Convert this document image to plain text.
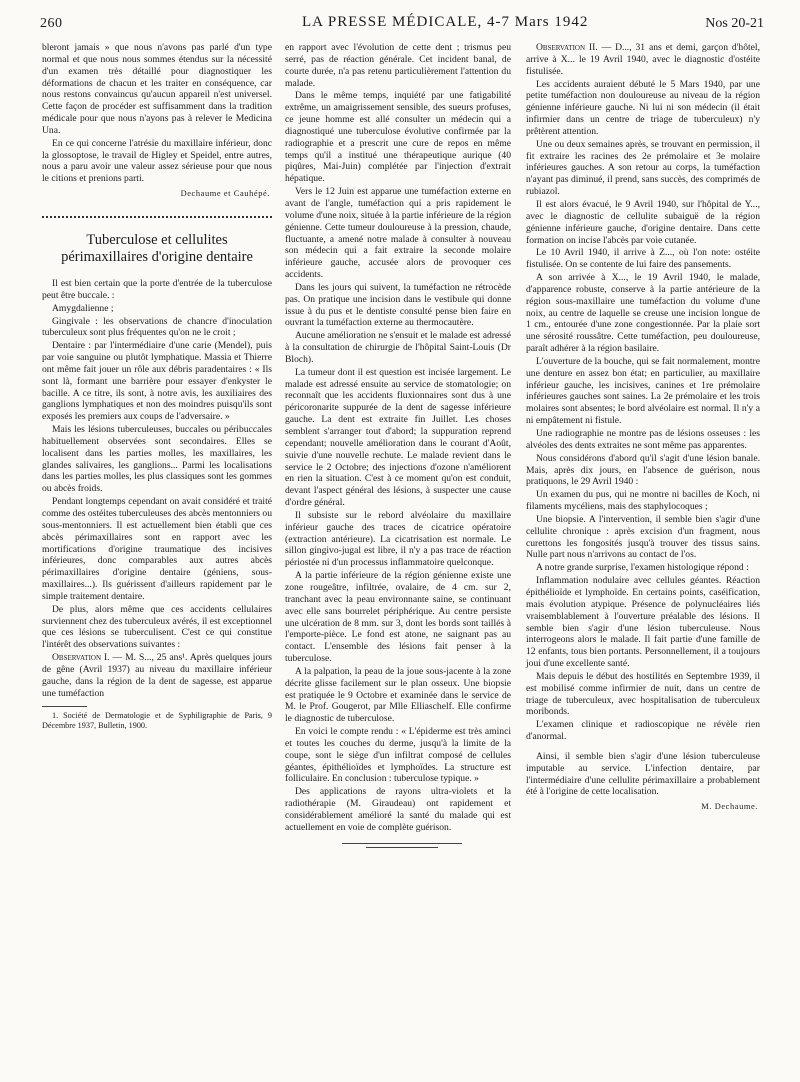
260	LA PRESSE MÉDICALE, 4-7 Mars 1942	Nos 20-21

bleront jamais » que nous n'avons pas parlé d'un type normal et que nous nous sommes étendus sur la nécessité d'un examen très détaillé pour diagnostiquer les déformations de chacun et les traiter en conséquence, car nous restons convaincus qu'aucun appareil n'est universel. Cette façon de procéder est suffisamment dans la tradition médicale pour que nous n'ayons pas à relever le Medicina Una.

En ce qui concerne l'atrésie du maxillaire inférieur, donc la glossoptose, le travail de Higley et Speidel, entre autres, nous a paru avoir une valeur assez sérieuse pour que nous le citions et prenions parti.

Dechaume et Cauhépé.
Tuberculose et cellulites
périmaxillaires d'origine dentaire

Il est bien certain que la porte d'entrée de la tuberculose peut être buccale. :

Amygdalienne ;

Gingivale : les observations de chancre d'inoculation tuberculeux sont plus fréquentes qu'on ne le croit ;

Dentaire : par l'intermédiaire d'une carie (Mendel), puis par voie sanguine ou plutôt lymphatique. Massia et Thierre ont même fait jouer un rôle aux débris paradentaires : « Ils sont là, formant une barrière pour essayer d'enkyster le bacille. A ce titre, ils sont, à notre avis, les auxiliaires des ganglions lymphatiques et non des moindres puisqu'ils sont exposés les premiers aux coups de l'adversaire. »

Mais les lésions tuberculeuses, buccales ou péribuccales habituellement observées sont secondaires. Elles se localisent dans les parties molles, les maxillaires, les glandes salivaires, les ganglions... Parmi les localisations dans les parties molles, les plus classiques sont les gommes ou abcès froids.

Pendant longtemps cependant on avait considéré et traité comme des ostéites tuberculeuses des abcès mentonniers ou sous-mentonniers. Il est actuellement bien établi que ces abcès périmaxillaires sont en rapport avec les mortifications d'origine traumatique des incisives inférieures, donc comparables aux autres abcès périmaxillaires d'origine dentaire (géniens, sous-maxillaires...). Ils guérissent d'ailleurs rapidement par le simple traitement dentaire.

De plus, alors même que ces accidents cellulaires surviennent chez des tuberculeux avérés, il est exceptionnel que ces lésions se tuberculisent. C'est ce qui constitue l'intérêt des observations suivantes :

Observation I. — M. S..., 25 ans¹. Après quelques jours de gêne (Avril 1937) au niveau du maxillaire inférieur gauche, dans la région de la dent de sagesse, est apparue une tuméfaction

1. Société de Dermatologie et de Syphiligraphie de Paris, 9 Décembre 1937, Bulletin, 1900.

en rapport avec l'évolution de cette dent ; trismus peu serré, pas de réaction générale. Cet incident banal, de courte durée, n'a pas retenu particulièrement l'attention du malade.

Dans le même temps, inquiété par une fatigabilité extrême, un amaigrissement sensible, des sueurs profuses, ce jeune homme est allé consulter un médecin qui a diagnostiqué une tuberculose évolutive confirmée par la radiographie et a prescrit une cure de repos en même temps qu'il a institué une thérapeutique aurique (40 piqûres, Mai-Juin) complétée par l'injection d'extrait hépatique.

Vers le 12 Juin est apparue une tuméfaction externe en avant de l'angle, tuméfaction qui a pris rapidement le volume d'une noix, située à la partie inférieure de la région génienne. Cette tumeur douloureuse à la pression, chaude, fluctuante, a amené notre malade à consulter à nouveau son médecin qui a fait extraire la seconde molaire inférieure gauche, accusée alors de provoquer ces accidents.

Dans les jours qui suivent, la tuméfaction ne rétrocède pas. On pratique une incision dans le vestibule qui donne issue à du pus et le dentiste consulté pense bien faire en ouvrant la tuméfaction externe au thermocautère.

Aucune amélioration ne s'ensuit et le malade est adressé à la consultation de chirurgie de l'hôpital Saint-Louis (Dr Bloch).

La tumeur dont il est question est incisée largement. Le malade est adressé ensuite au service de stomatologie; on reconnaît que les accidents fluxionnaires sont dus à une péricoronarite suppurée de la dent de sagesse inférieure gauche. La dent est extraite fin Juillet. Les choses semblent s'arranger tout d'abord; la suppuration reprend cependant; nouvelle amélioration dans le courant d'Août, suivie d'une nouvelle rechute. Le malade revient dans le service le 2 Octobre; des injections d'ozone n'améliorent en rien la situation. C'est à ce moment qu'on est conduit, devant l'aspect général des lésions, à suspecter une cause d'ordre général.

Il subsiste sur le rebord alvéolaire du maxillaire inférieur gauche des traces de cicatrice opératoire (extraction antérieure). La cicatrisation est normale. Le sillon gingivo-jugal est libre, il n'y a pas trace de réaction périostée ni d'un processus inflammatoire quelconque.

A la partie inférieure de la région génienne existe une zone rougeâtre, infiltrée, ovalaire, de 4 cm. sur 2, tranchant avec la peau environnante saine, se continuant avec elle sans bourrelet périphérique. Au centre persiste une ulcération de 8 mm. sur 3, dont les bords sont taillés à l'emporte-pièce. Le fond est atone, ne saignant pas au contact. L'ensemble des lésions fait penser à la tuberculose.

A la palpation, la peau de la joue sous-jacente à la zone décrite glisse facilement sur le plan osseux. Une biopsie est pratiquée le 9 Octobre et examinée dans le service de M. le Prof. Gougerot, par Mlle Elliaschelf. Elle confirme le diagnostic de tuberculose.

En voici le compte rendu : « L'épiderme est très aminci et toutes les couches du derme, jusqu'à la limite de la coupe, sont le siège d'un infiltrat composé de cellules géantes, épithélioïdes et lymphoïdes. La structure est folliculaire. En conclusion : tuberculose typique. »

Des applications de rayons ultra-violets et la radiothérapie (M. Giraudeau) ont rapidement et considérablement amélioré la santé du malade qui est actuellement en voie de complète guérison.

Observation II. — D..., 31 ans et demi, garçon d'hôtel, arrive à X... le 19 Avril 1940, avec le diagnostic d'ostéite fistulisée.

Les accidents auraient débuté le 5 Mars 1940, par une petite tuméfaction non douloureuse au niveau de la région génienne inférieure gauche. Ni lui ni son médecin (il était infirmier dans un centre de triage de tuberculeux) n'y prêtèrent attention.

Une ou deux semaines après, se trouvant en permission, il fit extraire les racines des 2e prémolaire et 3e molaire inférieures gauches. A son retour au corps, la tuméfaction n'ayant pas diminué, il prend, sans succès, des comprimés de rubiazol.

Il est alors évacué, le 9 Avril 1940, sur l'hôpital de Y..., avec le diagnostic de cellulite subaiguë de la région génienne inférieure gauche, d'origine dentaire. Dans cette formation on incise l'abcès par voie cutanée.

Le 10 Avril 1940, il arrive à Z..., où l'on note: ostéite fistulisée. On se contente de lui faire des pansements.

A son arrivée à X..., le 19 Avril 1940, le malade, d'apparence robuste, conserve à la partie antérieure de la région sous-maxillaire une tuméfaction du volume d'une noix, au centre de laquelle se creuse une incision longue de 1 cm., entourée d'une zone congestionnée. Par la plaie sort une sérosité roussâtre. Cette tuméfaction, peu douloureuse, paraît adhérer à la région basilaire.

L'ouverture de la bouche, qui se fait normalement, montre une denture en assez bon état; en particulier, au maxillaire inférieur gauche, les incisives, canines et 1re prémolaire inférieures gauches sont saines. La 2e prémolaire et les trois molaires sont absentes; le bord alvéolaire est normal. Il n'y a ni empâtement ni fistule.

Une radiographie ne montre pas de lésions osseuses : les alvéoles des dents extraites ne sont même pas apparentes.

Nous considérons d'abord qu'il s'agit d'une lésion banale. Mais, après dix jours, en l'absence de guérison, nous pratiquons, le 29 Avril 1940 :

Un examen du pus, qui ne montre ni bacilles de Koch, ni filaments mycéliens, mais des staphylocoques ;

Une biopsie. A l'intervention, il semble bien s'agir d'une cellulite chronique : après excision d'un fragment, nous curettons les fongosités jusqu'à trouver des tissus sains. Nulle part nous n'arrivons au contact de l'os.

A notre grande surprise, l'examen histologique répond :

Inflammation nodulaire avec cellules géantes. Réaction épithélioïde et lymphoïde. En certains points, caséification, mais évolution atypique. Présence de polynucléaires liés vraisemblablement à l'ouverture préalable des lésions. Il semble bien s'agir d'une lésion tuberculeuse. Nous interrogeons alors le malade. Il fait partie d'une famille de 12 enfants, tous bien portants. Personnellement, il a toujours joui d'une excellente santé.

Mais depuis le début des hostilités en Septembre 1939, il est mobilisé comme infirmier de nuit, dans un centre de triage de tuberculeux, avec hospitalisation de tuberculeux moribonds.

L'examen clinique et radioscopique ne révèle rien d'anormal.

Ainsi, il semble bien s'agir d'une lésion tuberculeuse imputable au service. L'infection dentaire, par l'intermédiaire d'une cellulite périmaxillaire a probablement été à l'origine de cette localisation.

M. Dechaume.
